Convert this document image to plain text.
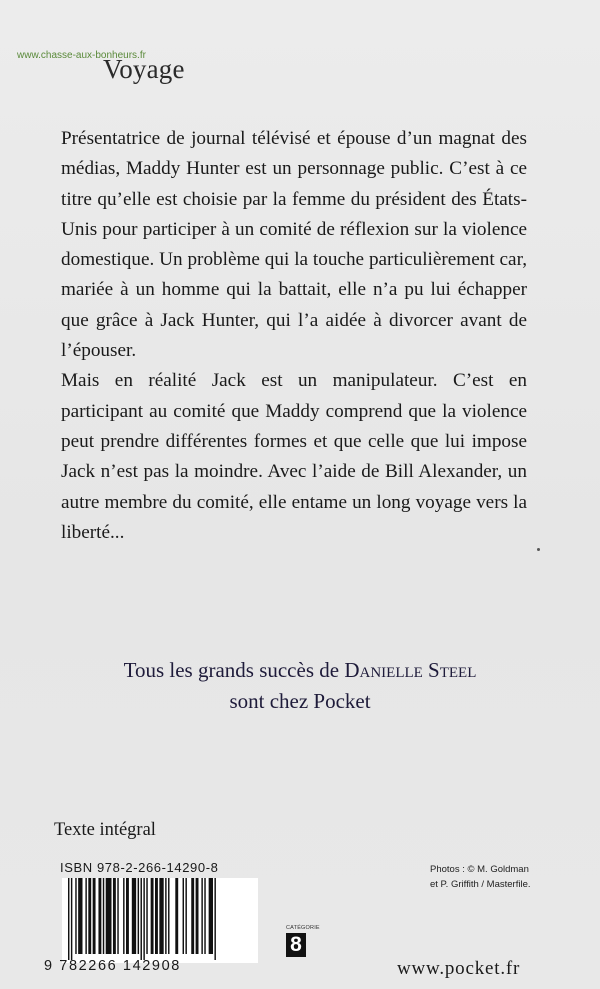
www.chasse-aux-bonheurs.fr
Voyage

Présentatrice de journal télévisé et épouse d’un magnat des médias, Maddy Hunter est un personnage public. C’est à ce titre qu’elle est choisie par la femme du président des États-Unis pour participer à un comité de réflexion sur la violence domestique. Un problème qui la touche particulièrement car, mariée à un homme qui la battait, elle n’a pu lui échapper que grâce à Jack Hunter, qui l’a aidée à divorcer avant de l’épouser.

Mais en réalité Jack est un manipulateur. C’est en participant au comité que Maddy comprend que la violence peut prendre différentes formes et que celle que lui impose Jack n’est pas la moindre. Avec l’aide de Bill Alexander, un autre membre du comité, elle entame un long voyage vers la liberté...

Tous les grands succès de Danielle Steel
sont chez Pocket
Texte intégral
ISBN 978-2-266-14290-8
9 782266 142908
CATÉGORIE
8
Photos : © M. Goldman
et P. Griffith / Masterfile.
www.pocket.fr
